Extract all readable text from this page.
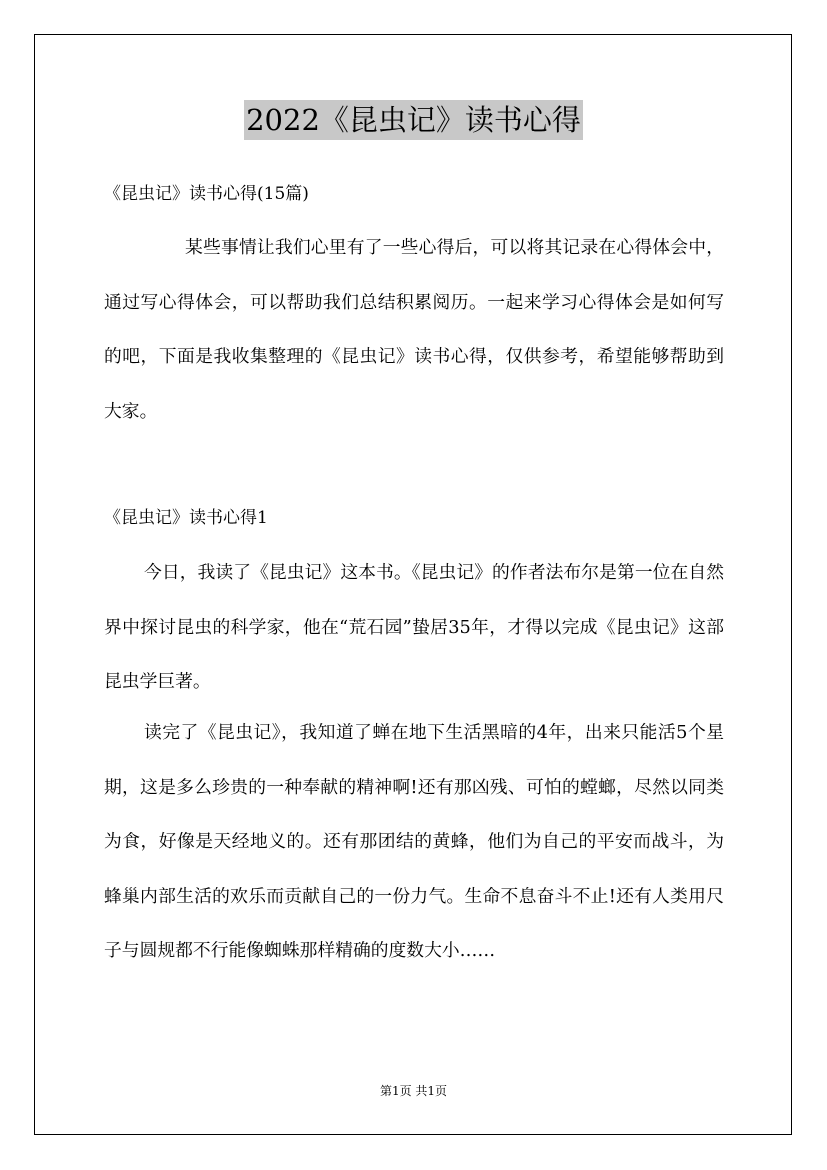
2022《昆虫记》读书心得
《昆虫记》读书心得(15篇)

某些事情让我们心里有了一些心得后，可以将其记录在心得体会中，通过写心得体会，可以帮助我们总结积累阅历。一起来学习心得体会是如何写的吧，下面是我收集整理的《昆虫记》读书心得，仅供参考，希望能够帮助到大家。

《昆虫记》读书心得1

今日，我读了《昆虫记》这本书。《昆虫记》的作者法布尔是第一位在自然界中探讨昆虫的科学家，他在“荒石园”蛰居35年，才得以完成《昆虫记》这部昆虫学巨著。

读完了《昆虫记》，我知道了蝉在地下生活黑暗的4年，出来只能活5个星期，这是多么珍贵的一种奉献的精神啊!还有那凶残、可怕的螳螂，尽然以同类为食，好像是天经地义的。还有那团结的黄蜂，他们为自己的平安而战斗，为蜂巢内部生活的欢乐而贡献自己的一份力气。生命不息奋斗不止!还有人类用尺子与圆规都不行能像蜘蛛那样精确的度数大小……

第1页 共1页
